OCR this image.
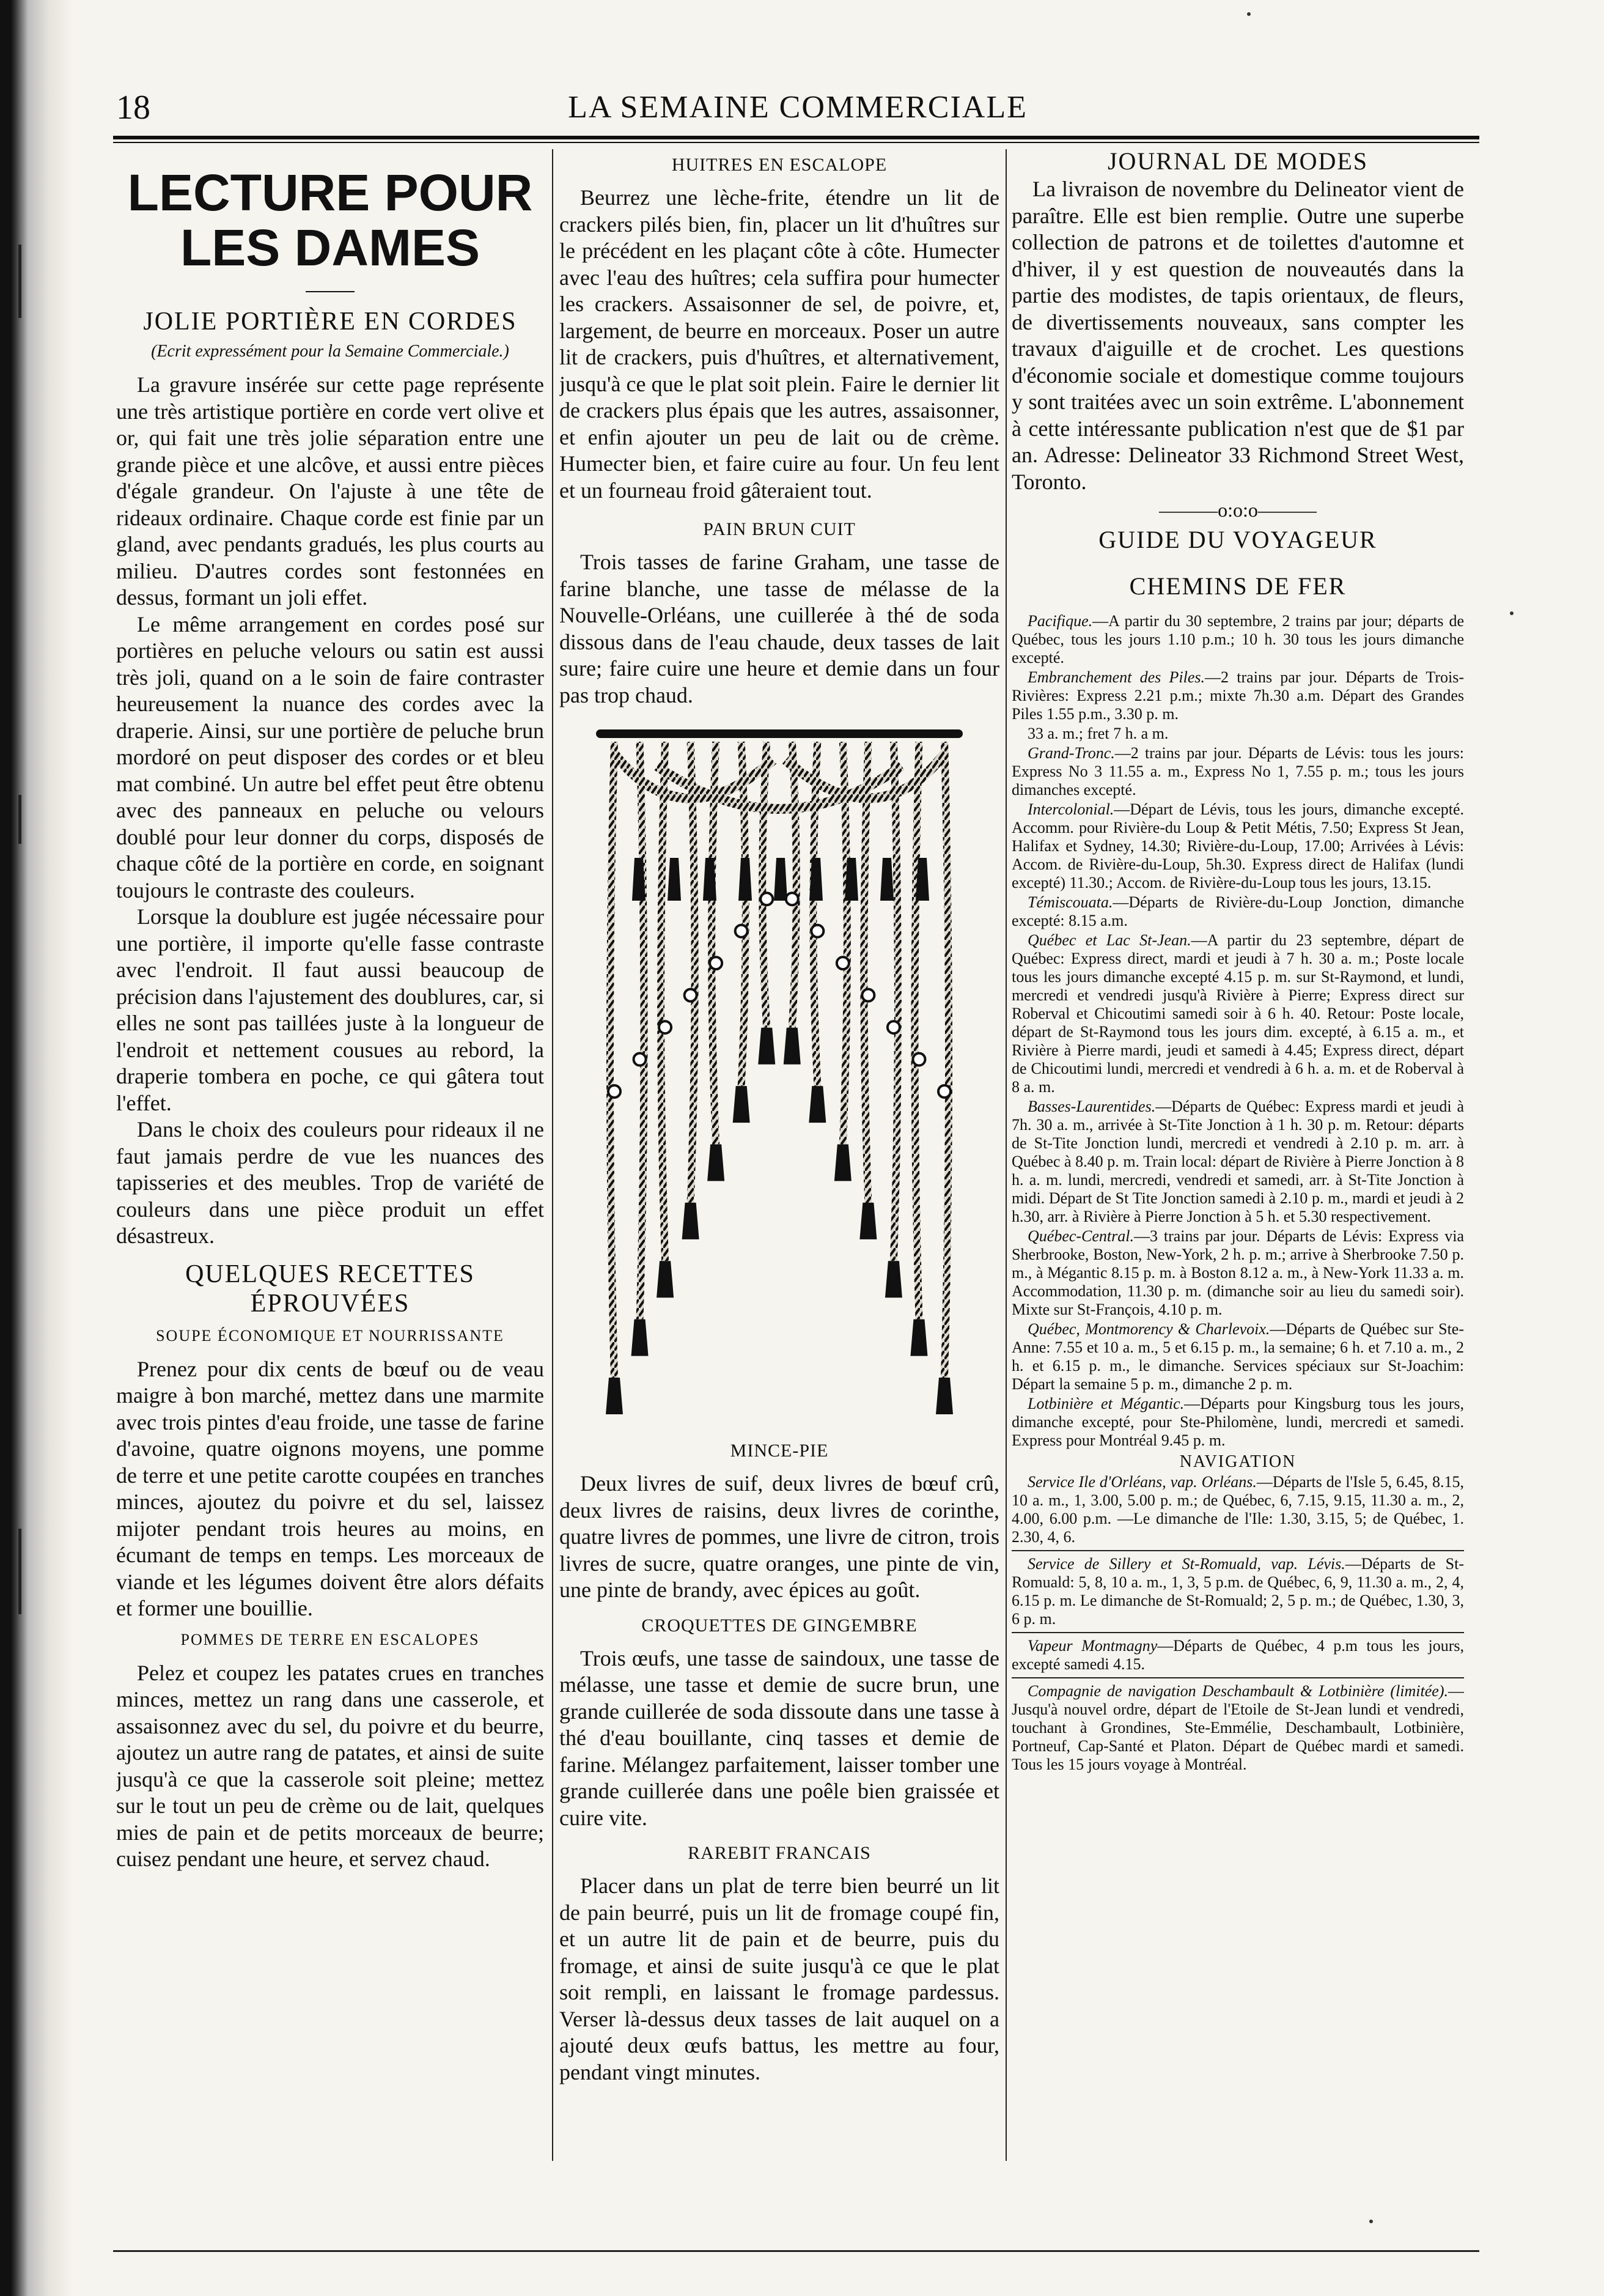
18	LA SEMAINE COMMERCIALE
LECTURE POUR LES DAMES
JOLIE PORTIÈRE EN CORDES
(Ecrit expressément pour la Semaine Commerciale.)

La gravure insérée sur cette page représente une très artistique portière en corde vert olive et or, qui fait une très jolie séparation entre une grande pièce et une alcôve, et aussi entre pièces d'égale grandeur. On l'ajuste à une tête de rideaux ordinaire. Chaque corde est finie par un gland, avec pendants gradués, les plus courts au milieu. D'autres cordes sont festonnées en dessus, formant un joli effet.

Le même arrangement en cordes posé sur portières en peluche velours ou satin est aussi très joli, quand on a le soin de faire contraster heureusement la nuance des cordes avec la draperie. Ainsi, sur une portière de peluche brun mordoré on peut disposer des cordes or et bleu mat combiné. Un autre bel effet peut être obtenu avec des panneaux en peluche ou velours doublé pour leur donner du corps, disposés de chaque côté de la portière en corde, en soignant toujours le contraste des couleurs.

Lorsque la doublure est jugée nécessaire pour une portière, il importe qu'elle fasse contraste avec l'endroit. Il faut aussi beaucoup de précision dans l'ajustement des doublures, car, si elles ne sont pas taillées juste à la longueur de l'endroit et nettement cousues au rebord, la draperie tombera en poche, ce qui gâtera tout l'effet.

Dans le choix des couleurs pour rideaux il ne faut jamais perdre de vue les nuances des tapisseries et des meubles. Trop de variété de couleurs dans une pièce produit un effet désastreux.

QUELQUES RECETTES ÉPROUVÉES
SOUPE ÉCONOMIQUE ET NOURRISSANTE

Prenez pour dix cents de bœuf ou de veau maigre à bon marché, mettez dans une marmite avec trois pintes d'eau froide, une tasse de farine d'avoine, quatre oignons moyens, une pomme de terre et une petite carotte coupées en tranches minces, ajoutez du poivre et du sel, laissez mijoter pendant trois heures au moins, en écumant de temps en temps. Les morceaux de viande et les légumes doivent être alors défaits et former une bouillie.

POMMES DE TERRE EN ESCALOPES

Pelez et coupez les patates crues en tranches minces, mettez un rang dans une casserole, et assaisonnez avec du sel, du poivre et du beurre, ajoutez un autre rang de patates, et ainsi de suite jusqu'à ce que la casserole soit pleine; mettez sur le tout un peu de crème ou de lait, quelques mies de pain et de petits morceaux de beurre; cuisez pendant une heure, et servez chaud.

HUITRES EN ESCALOPE

Beurrez une lèche-frite, étendre un lit de crackers pilés bien, fin, placer un lit d'huîtres sur le précédent en les plaçant côte à côte. Humecter avec l'eau des huîtres; cela suffira pour humecter les crackers. Assaisonner de sel, de poivre, et, largement, de beurre en morceaux. Poser un autre lit de crackers, puis d'huîtres, et alternativement, jusqu'à ce que le plat soit plein. Faire le dernier lit de crackers plus épais que les autres, assaisonner, et enfin ajouter un peu de lait ou de crème. Humecter bien, et faire cuire au four. Un feu lent et un fourneau froid gâteraient tout.

PAIN BRUN CUIT

Trois tasses de farine Graham, une tasse de farine blanche, une tasse de mélasse de la Nouvelle-Orléans, une cuillerée à thé de soda dissous dans de l'eau chaude, deux tasses de lait sure; faire cuire une heure et demie dans un four pas trop chaud.

MINCE-PIE

Deux livres de suif, deux livres de bœuf crû, deux livres de raisins, deux livres de corinthe, quatre livres de pommes, une livre de citron, trois livres de sucre, quatre oranges, une pinte de vin, une pinte de brandy, avec épices au goût.

CROQUETTES DE GINGEMBRE

Trois œufs, une tasse de saindoux, une tasse de mélasse, une tasse et demie de sucre brun, une grande cuillerée de soda dissoute dans une tasse à thé d'eau bouillante, cinq tasses et demie de farine. Mélangez parfaitement, laisser tomber une grande cuillerée dans une poêle bien graissée et cuire vite.

RAREBIT FRANCAIS

Placer dans un plat de terre bien beurré un lit de pain beurré, puis un lit de fromage coupé fin, et un autre lit de pain et de beurre, puis du fromage, et ainsi de suite jusqu'à ce que le plat soit rempli, en laissant le fromage pardessus. Verser là-dessus deux tasses de lait auquel on a ajouté deux œufs battus, les mettre au four, pendant vingt minutes.

JOURNAL DE MODES

La livraison de novembre du Delineator vient de paraître. Elle est bien remplie. Outre une superbe collection de patrons et de toilettes d'automne et d'hiver, il y est question de nouveautés dans la partie des modistes, de tapis orientaux, de fleurs, de divertissements nouveaux, sans compter les travaux d'aiguille et de crochet. Les questions d'économie sociale et domestique comme toujours y sont traitées avec un soin extrême. L'abonnement à cette intéressante publication n'est que de $1 par an. Adresse: Delineator 33 Richmond Street West, Toronto.

———o:o:o———
GUIDE DU VOYAGEUR
CHEMINS DE FER

Pacifique.—A partir du 30 septembre, 2 trains par jour; départs de Québec, tous les jours 1.10 p.m.; 10 h. 30 tous les jours dimanche excepté.

Embranchement des Piles.—2 trains par jour. Départs de Trois-Rivières: Express 2.21 p.m.; mixte 7h.30 a.m. Départ des Grandes Piles 1.55 p.m., 3.30 p. m.

33 a. m.; fret 7 h. a m.

Grand-Tronc.—2 trains par jour. Départs de Lévis: tous les jours: Express No 3 11.55 a. m., Express No 1, 7.55 p. m.; tous les jours dimanches excepté.

Intercolonial.—Départ de Lévis, tous les jours, dimanche excepté. Accomm. pour Rivière-du Loup & Petit Métis, 7.50; Express St Jean, Halifax et Sydney, 14.30; Rivière-du-Loup, 17.00; Arrivées à Lévis: Accom. de Rivière-du-Loup, 5h.30. Express direct de Halifax (lundi excepté) 11.30.; Accom. de Rivière-du-Loup tous les jours, 13.15.

Témiscouata.—Départs de Rivière-du-Loup Jonction, dimanche excepté: 8.15 a.m.

Québec et Lac St-Jean.—A partir du 23 septembre, départ de Québec: Express direct, mardi et jeudi à 7 h. 30 a. m.; Poste locale tous les jours dimanche excepté 4.15 p. m. sur St-Raymond, et lundi, mercredi et vendredi jusqu'à Rivière à Pierre; Express direct sur Roberval et Chicoutimi samedi soir à 6 h. 40. Retour: Poste locale, départ de St-Raymond tous les jours dim. excepté, à 6.15 a. m., et Rivière à Pierre mardi, jeudi et samedi à 4.45; Express direct, départ de Chicoutimi lundi, mercredi et vendredi à 6 h. a. m. et de Roberval à 8 a. m.

Basses-Laurentides.—Départs de Québec: Express mardi et jeudi à 7h. 30 a. m., arrivée à St-Tite Jonction à 1 h. 30 p. m. Retour: départs de St-Tite Jonction lundi, mercredi et vendredi à 2.10 p. m. arr. à Québec à 8.40 p. m. Train local: départ de Rivière à Pierre Jonction à 8 h. a. m. lundi, mercredi, vendredi et samedi, arr. à St-Tite Jonction à midi. Départ de St Tite Jonction samedi à 2.10 p. m., mardi et jeudi à 2 h.30, arr. à Rivière à Pierre Jonction à 5 h. et 5.30 respectivement.

Québec-Central.—3 trains par jour. Départs de Lévis: Express via Sherbrooke, Boston, New-York, 2 h. p. m.; arrive à Sherbrooke 7.50 p. m., à Mégantic 8.15 p. m. à Boston 8.12 a. m., à New-York 11.33 a. m. Accommodation, 11.30 p. m. (dimanche soir au lieu du samedi soir). Mixte sur St-François, 4.10 p. m.

Québec, Montmorency & Charlevoix.—Départs de Québec sur Ste-Anne: 7.55 et 10 a. m., 5 et 6.15 p. m., la semaine; 6 h. et 7.10 a. m., 2 h. et 6.15 p. m., le dimanche. Services spéciaux sur St-Joachim: Départ la semaine 5 p. m., dimanche 2 p. m.

Lotbinière et Mégantic.—Départs pour Kingsburg tous les jours, dimanche excepté, pour Ste-Philomène, lundi, mercredi et samedi. Express pour Montréal 9.45 p. m.

NAVIGATION

Service Ile d'Orléans, vap. Orléans.—Départs de l'Isle 5, 6.45, 8.15, 10 a. m., 1, 3.00, 5.00 p. m.; de Québec, 6, 7.15, 9.15, 11.30 a. m., 2, 4.00, 6.00 p.m. —Le dimanche de l'Ile: 1.30, 3.15, 5; de Québec, 1. 2.30, 4, 6.

Service de Sillery et St-Romuald, vap. Lévis.—Départs de St-Romuald: 5, 8, 10 a. m., 1, 3, 5 p.m. de Québec, 6, 9, 11.30 a. m., 2, 4, 6.15 p. m. Le dimanche de St-Romuald; 2, 5 p. m.; de Québec, 1.30, 3, 6 p. m.

Vapeur Montmagny—Départs de Québec, 4 p.m tous les jours, excepté samedi 4.15.

Compagnie de navigation Deschambault & Lotbinière (limitée).—Jusqu'à nouvel ordre, départ de l'Etoile de St-Jean lundi et vendredi, touchant à Grondines, Ste-Emmélie, Deschambault, Lotbinière, Portneuf, Cap-Santé et Platon. Départ de Québec mardi et samedi. Tous les 15 jours voyage à Montréal.
